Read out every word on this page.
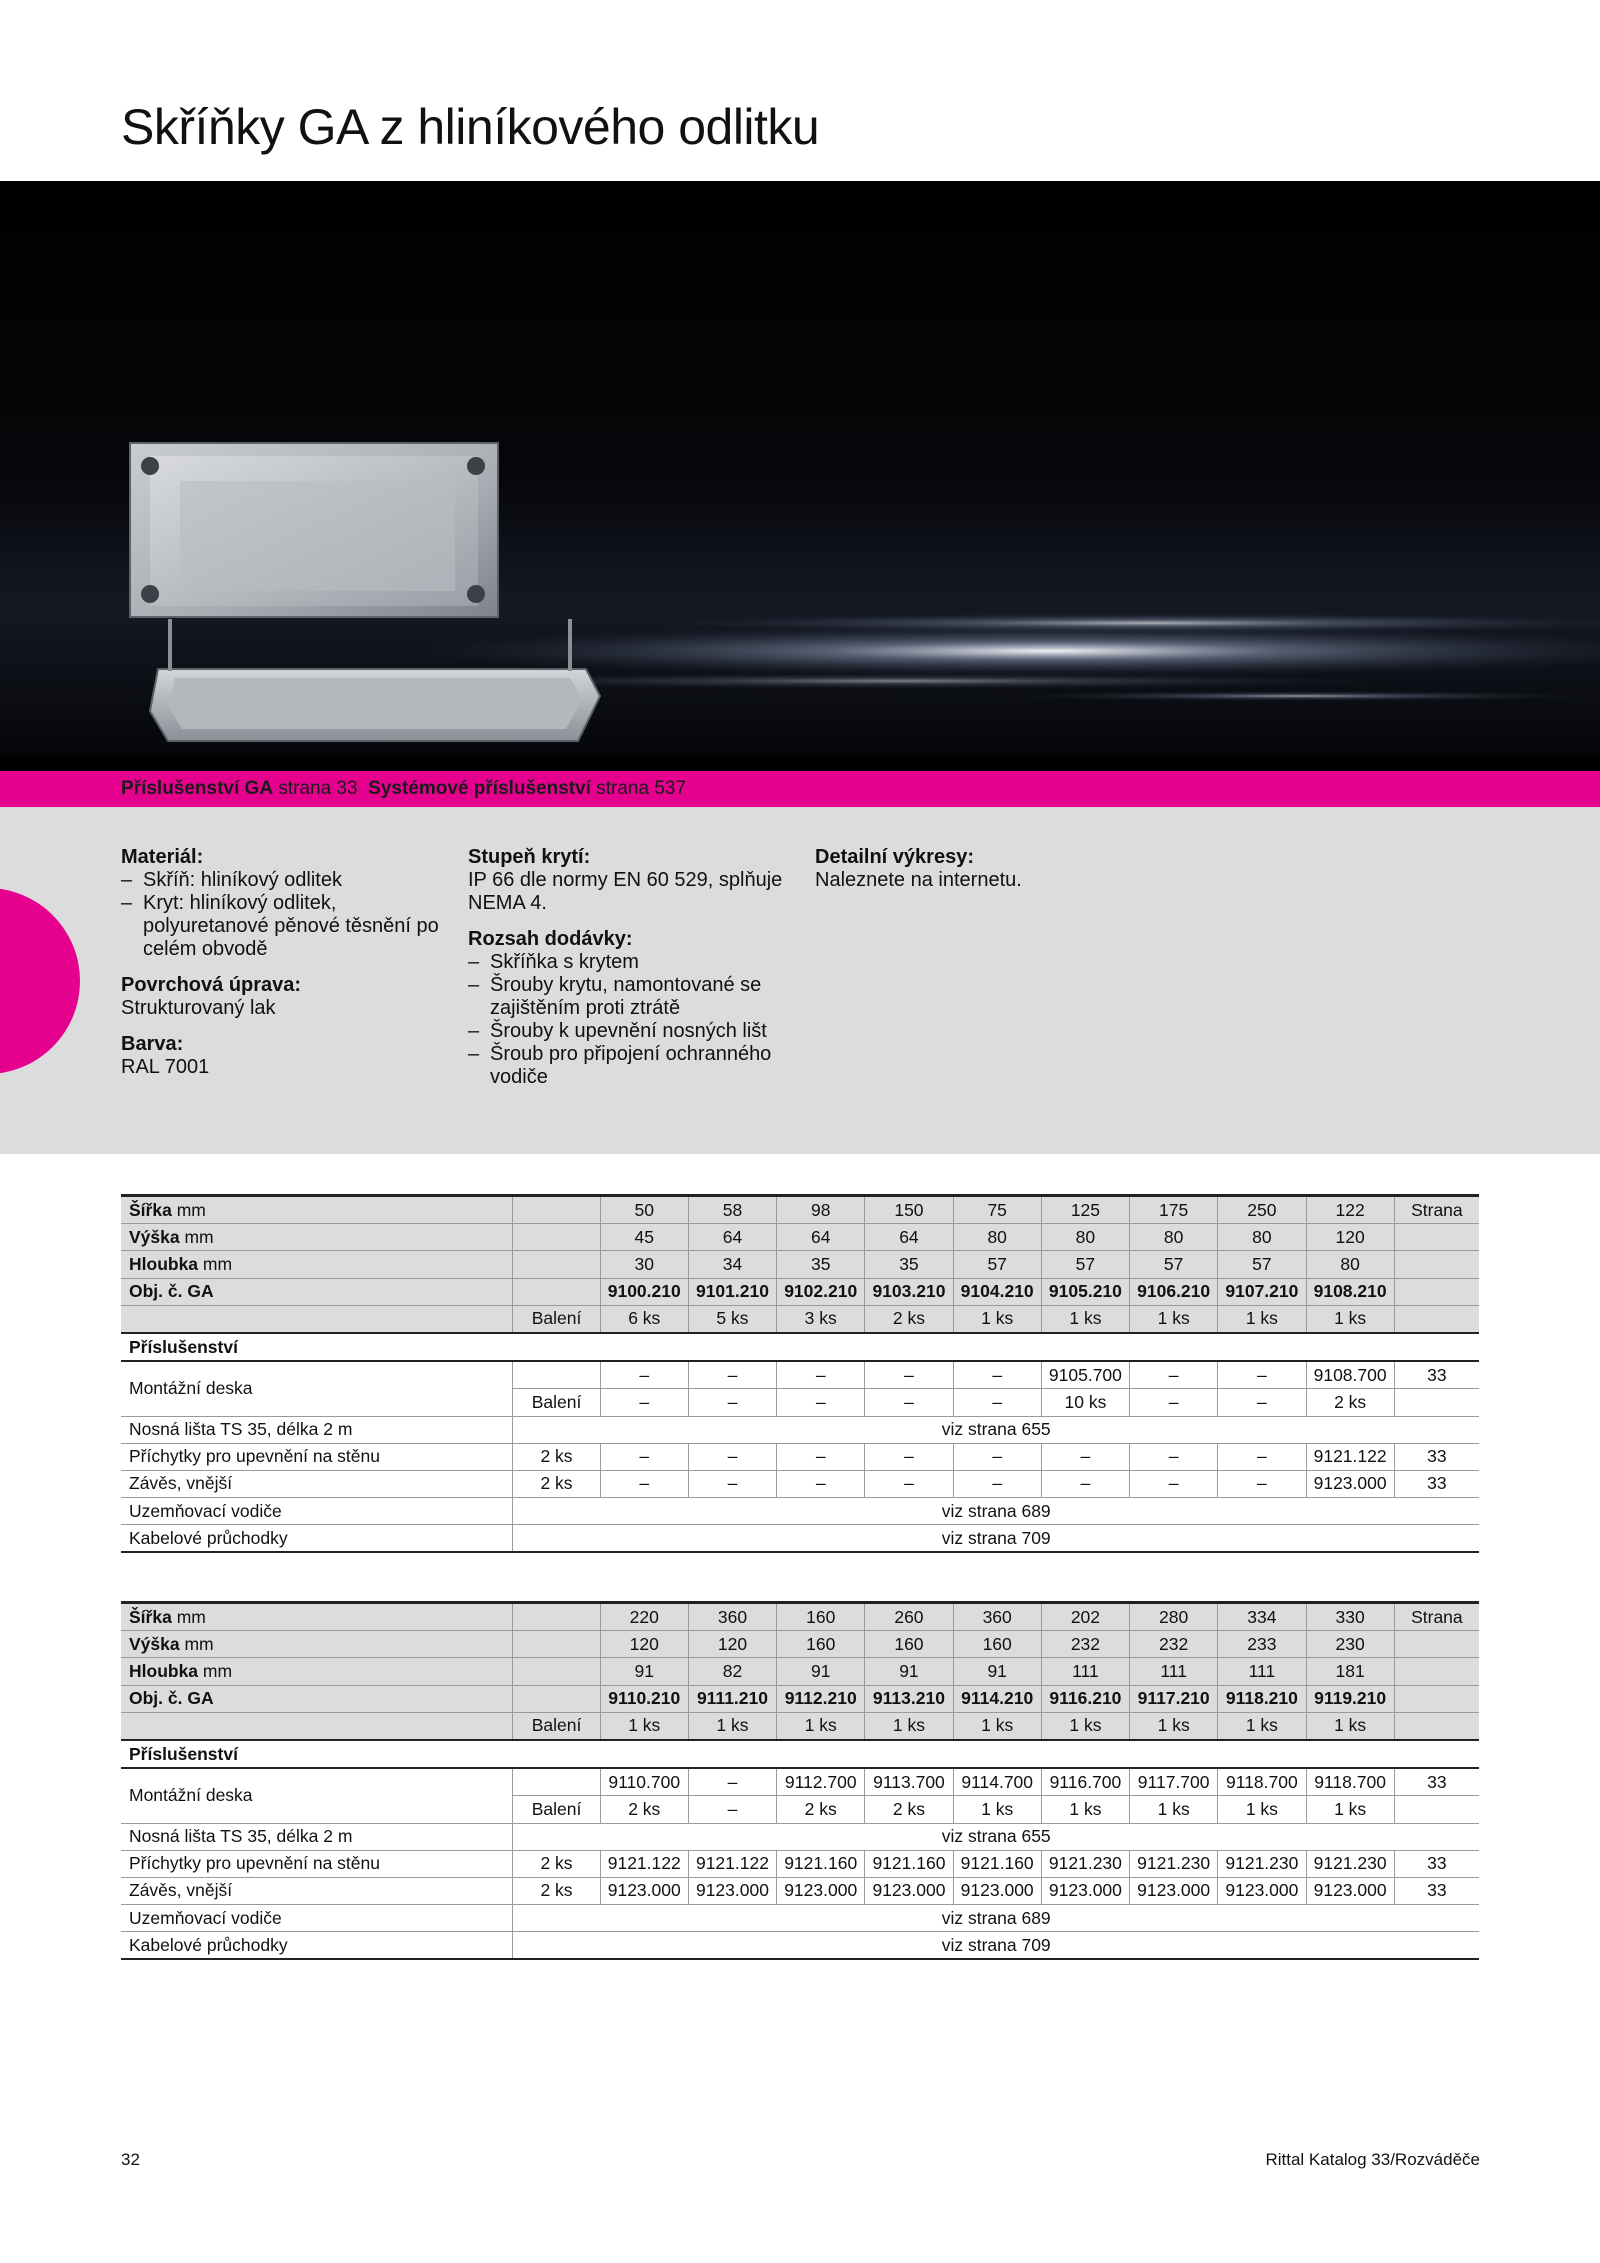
Skříňky GA z hliníkového odlitku
Příslušenství GA strana 33 Systémové příslušenství strana 537
Materiál:
– Skříň: hliníkový odlitek
– Kryt: hliníkový odlitek, polyuretanové pěnové těsnění po celém obvodě
Povrchová úprava:
Strukturovaný lak
Barva:
RAL 7001
Stupeň krytí:
IP 66 dle normy EN 60 529, splňuje NEMA 4.
Rozsah dodávky:
– Skříňka s krytem
– Šrouby krytu, namontované se zajištěním proti ztrátě
– Šrouby k upevnění nosných lišt
– Šroub pro připojení ochranného vodiče
Detailní výkresy:
Naleznete na internetu.
Šířka mm		50	58	98	150	75	125	175	250	122	Strana
Výška mm		45	64	64	64	80	80	80	80	120	
Hloubka mm		30	34	35	35	57	57	57	57	80	
Obj. č. GA		9100.210	9101.210	9102.210	9103.210	9104.210	9105.210	9106.210	9107.210	9108.210	
	Balení	6 ks	5 ks	3 ks	2 ks	1 ks	1 ks	1 ks	1 ks	1 ks	
Příslušenství											
Montážní deska		–	–	–	–	–	9105.700	–	–	9108.700	33
	Balení	–	–	–	–	–	10 ks	–	–	2 ks	
Nosná lišta TS 35, délka 2 m	viz strana 655										
Příchytky pro upevnění na stěnu	2 ks	–	–	–	–	–	–	–	–	9121.122	33
Závěs, vnější	2 ks	–	–	–	–	–	–	–	–	9123.000	33
Uzemňovací vodiče	viz strana 689										
Kabelové průchodky	viz strana 709										
Šířka mm		220	360	160	260	360	202	280	334	330	Strana
Výška mm		120	120	160	160	160	232	232	233	230	
Hloubka mm		91	82	91	91	91	111	111	111	181	
Obj. č. GA		9110.210	9111.210	9112.210	9113.210	9114.210	9116.210	9117.210	9118.210	9119.210	
	Balení	1 ks	1 ks	1 ks	1 ks	1 ks	1 ks	1 ks	1 ks	1 ks	
Příslušenství											
Montážní deska		9110.700	–	9112.700	9113.700	9114.700	9116.700	9117.700	9118.700	9118.700	33
	Balení	2 ks	–	2 ks	2 ks	1 ks	1 ks	1 ks	1 ks	1 ks	
Nosná lišta TS 35, délka 2 m	viz strana 655										
Příchytky pro upevnění na stěnu	2 ks	9121.122	9121.122	9121.160	9121.160	9121.160	9121.230	9121.230	9121.230	9121.230	33
Závěs, vnější	2 ks	9123.000	9123.000	9123.000	9123.000	9123.000	9123.000	9123.000	9123.000	9123.000	33
Uzemňovací vodiče	viz strana 689										
Kabelové průchodky	viz strana 709										
32	Rittal Katalog 33/Rozváděče
